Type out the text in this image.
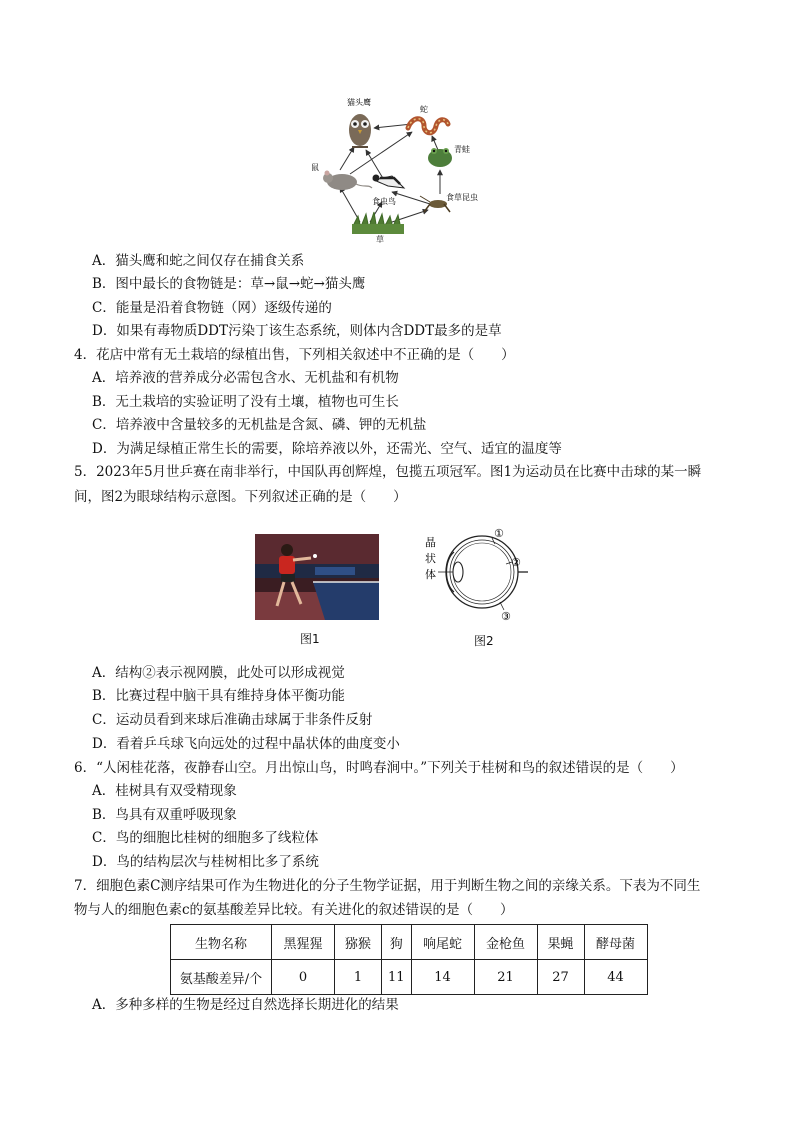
猫头鹰
蛇
青蛙
鼠
食虫鸟	食草昆虫
草
A．猫头鹰和蛇之间仅存在捕食关系
B．图中最长的食物链是：草→鼠→蛇→猫头鹰
C．能量是沿着食物链（网）逐级传递的
D．如果有毒物质DDT污染丁该生态系统，则体内含DDT最多的是草
4．花店中常有无土栽培的绿植出售，下列相关叙述中不正确的是（　　）
A．培养液的营养成分必需包含水、无机盐和有机物
B．无土栽培的实验证明了没有土壤，植物也可生长
C．培养液中含量较多的无机盐是含氮、磷、钾的无机盐
D．为满足绿植正常生长的需要，除培养液以外，还需光、空气、适宜的温度等
5．2023年5月世乒赛在南非举行，中国队再创辉煌，包揽五项冠军。图1为运动员在比赛中击球的某一瞬
间，图2为眼球结构示意图。下列叙述正确的是（　　）
图1
①
②
③
晶
状
体
图2
A．结构②表示视网膜，此处可以形成视觉
B．比赛过程中脑干具有维持身体平衡功能
C．运动员看到来球后准确击球属于非条件反射
D．看着乒乓球飞向远处的过程中晶状体的曲度变小
6．“人闲桂花落，夜静春山空。月出惊山鸟，时鸣春涧中。”下列关于桂树和鸟的叙述错误的是（　　）
A．桂树具有双受精现象
B．鸟具有双重呼吸现象
C．鸟的细胞比桂树的细胞多了线粒体
D．鸟的结构层次与桂树相比多了系统
7．细胞色素C测序结果可作为生物进化的分子生物学证据，用于判断生物之间的亲缘关系。下表为不同生
物与人的细胞色素c的氨基酸差异比较。有关进化的叙述错误的是（　　）
生物名称	黑猩猩	猕猴	狗	响尾蛇	金枪鱼	果蝇	酵母菌
氨基酸差异/个	0	1	11	14	21	27	44
A．多种多样的生物是经过自然选择长期进化的结果
